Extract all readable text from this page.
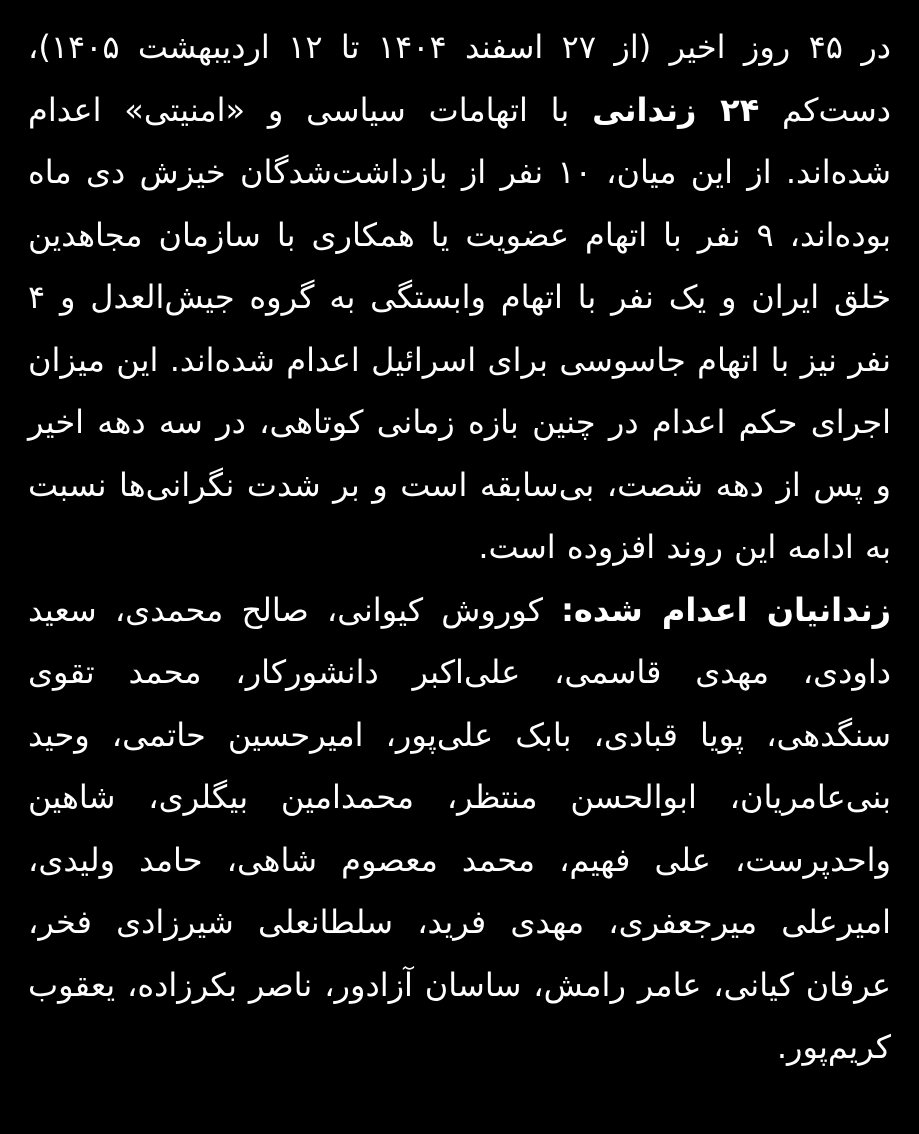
در ۴۵ روز اخیر (از ۲۷ اسفند ۱۴۰۴ تا ۱۲ اردیبهشت ۱۴۰۵)، دست‌کم ۲۴ زندانی با اتهامات سیاسی و «امنیتی» اعدام شده‌اند. از این میان، ۱۰ نفر از بازداشت‌شدگان خیزش دی ماه بوده‌اند، ۹ نفر با اتهام عضویت یا همکاری با سازمان مجاهدین خلق ایران و یک نفر با اتهام وابستگی به گروه جیش‌العدل و ۴ نفر نیز با اتهام جاسوسی برای اسرائیل اعدام شده‌اند. این میزان اجرای حکم اعدام در چنین بازه زمانی کوتاهی، در سه دهه اخیر و پس از دهه شصت، بی‌سابقه است و بر شدت نگرانی‌ها نسبت به ادامه این روند افزوده است.

زندانیان اعدام شده: کوروش کیوانی، صالح محمدی، سعید داودی، مهدی قاسمی، علی‌اکبر دانشورکار، محمد تقوی سنگدهی، پویا قبادی، بابک علی‌پور، امیرحسین حاتمی، وحید بنی‌عامریان، ابوالحسن منتظر، محمدامین بیگلری، شاهین واحدپرست، علی فهیم، محمد معصوم شاهی، حامد ولیدی، امیرعلی میرجعفری، مهدی فرید، سلطانعلی شیرزادی فخر، عرفان کیانی، عامر رامش، ساسان آزادور، ناصر بکرزاده، یعقوب کریم‌پور.
